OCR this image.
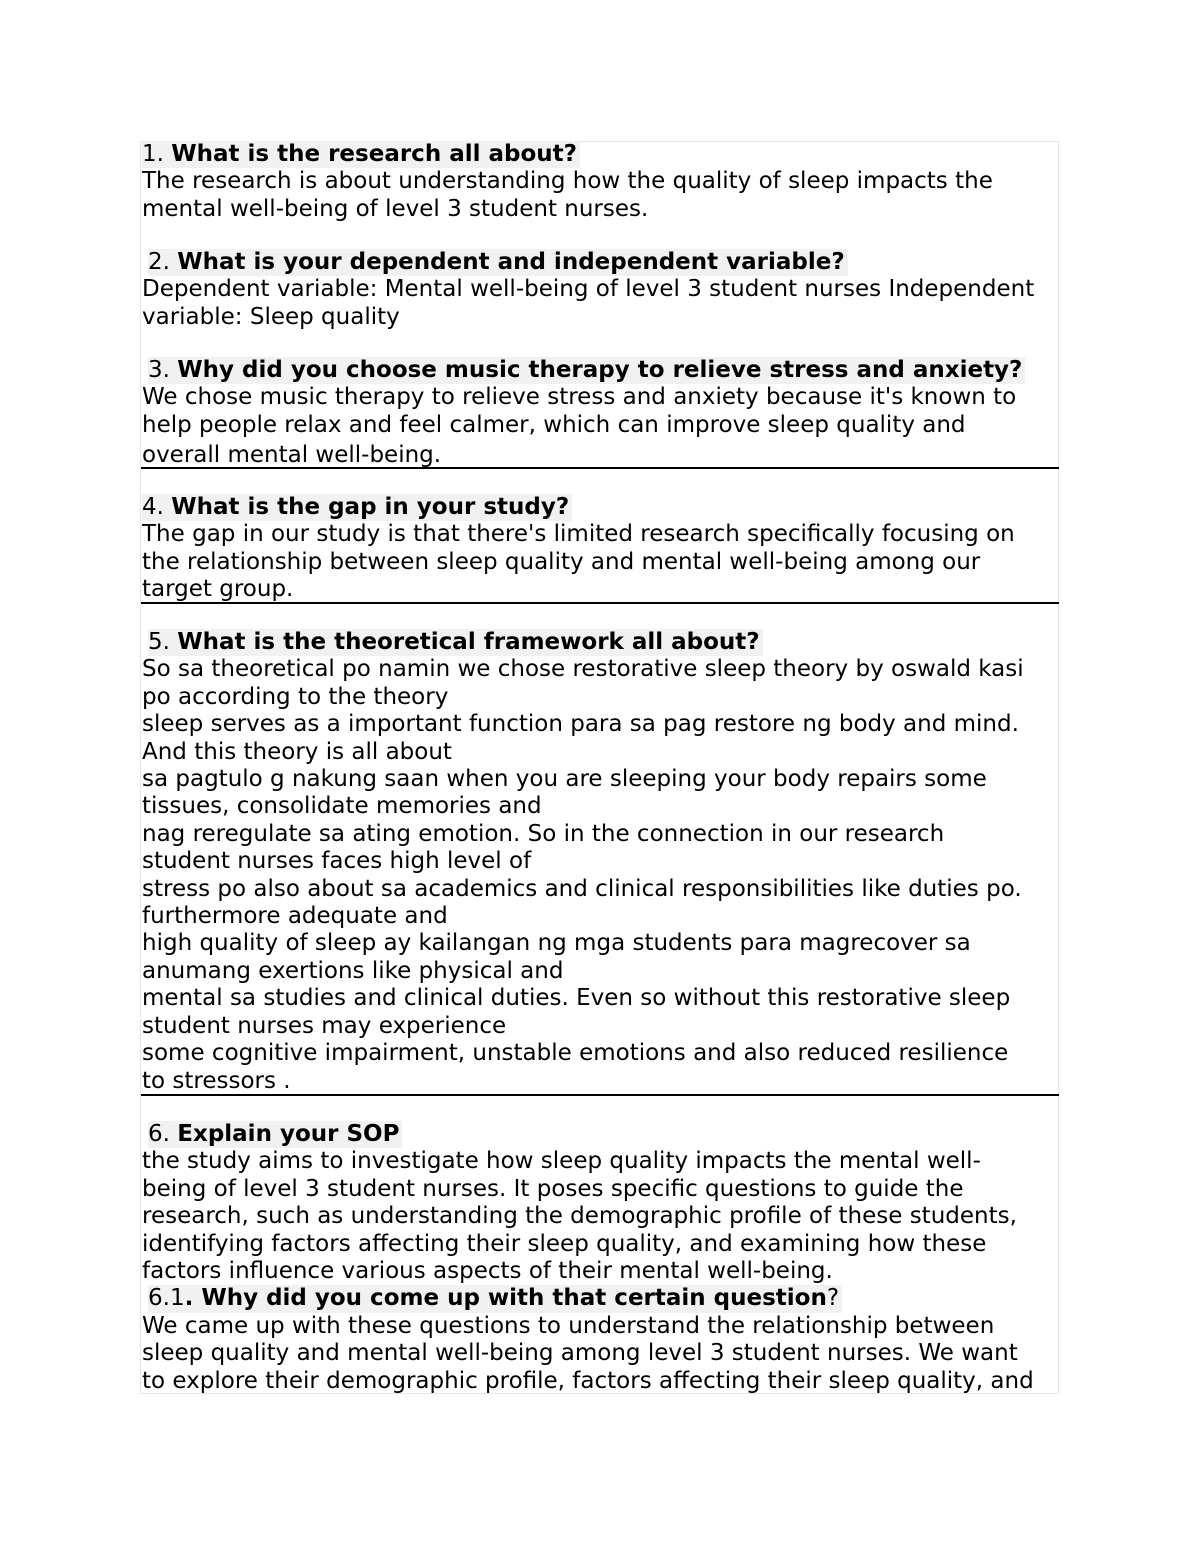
1. What is the research all about?

The research is about understanding how the quality of sleep impacts the

mental well-being of level 3 student nurses.

2. What is your dependent and independent variable?

Dependent variable: Mental well-being of level 3 student nurses Independent

variable: Sleep quality

3. Why did you choose music therapy to relieve stress and anxiety?

We chose music therapy to relieve stress and anxiety because it's known to

help people relax and feel calmer, which can improve sleep quality and

overall mental well-being.

4. What is the gap in your study?

The gap in our study is that there's limited research specifically focusing on

the relationship between sleep quality and mental well-being among our

target group.

5. What is the theoretical framework all about?

So sa theoretical po namin we chose restorative sleep theory by oswald kasi

po according to the theory

sleep serves as a important function para sa pag restore ng body and mind.

And this theory is all about

sa pagtulo g nakung saan when you are sleeping your body repairs some

tissues, consolidate memories and

nag reregulate sa ating emotion. So in the connection in our research

student nurses faces high level of

stress po also about sa academics and clinical responsibilities like duties po.

furthermore adequate and

high quality of sleep ay kailangan ng mga students para magrecover sa

anumang exertions like physical and

mental sa studies and clinical duties. Even so without this restorative sleep

student nurses may experience

some cognitive impairment, unstable emotions and also reduced resilience

to stressors .

6. Explain your SOP

the study aims to investigate how sleep quality impacts the mental well-

being of level 3 student nurses. It poses specific questions to guide the

research, such as understanding the demographic profile of these students,

identifying factors affecting their sleep quality, and examining how these

factors influence various aspects of their mental well-being.

6.1. Why did you come up with that certain question?

We came up with these questions to understand the relationship between

sleep quality and mental well-being among level 3 student nurses. We want

to explore their demographic profile, factors affecting their sleep quality, and
